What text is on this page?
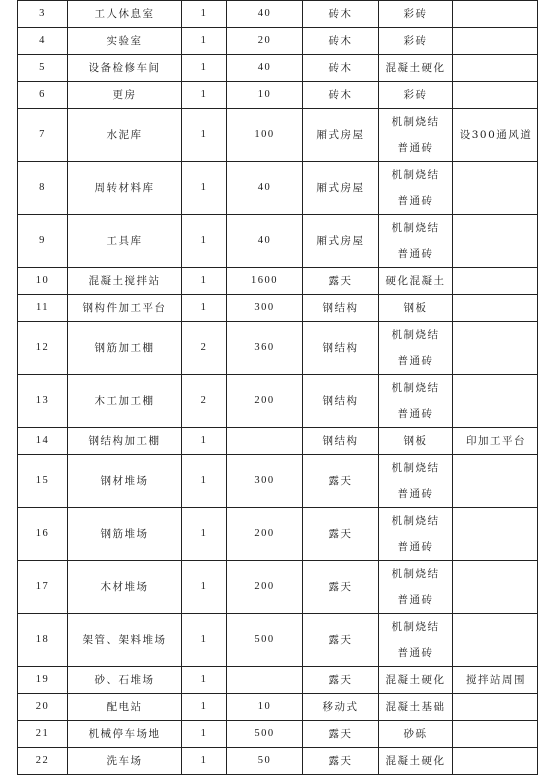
3	工人休息室	1	40	砖木	彩砖	
4	实验室	1	20	砖木	彩砖	
5	设备检修车间	1	40	砖木	混凝土硬化	
6	更房	1	10	砖木	彩砖	
7	水泥库	1	100	厢式房屋	机制烧结普通砖	设300通风道
8	周转材料库	1	40	厢式房屋	机制烧结普通砖	

9	工具库	1	40	厢式房屋	机制烧结普通砖	

10	混凝土搅拌站	1	1600	露天	硬化混凝土	
11	钢构件加工平台	1	300	钢结构	钢板	
12	钢筋加工棚	2	360	钢结构	机制烧结普通砖	

13	木工加工棚	2	200	钢结构	机制烧结普通砖	

14	钢结构加工棚	1		钢结构	钢板	印加工平台
15	钢材堆场	1	300	露天	机制烧结普通砖	

16	钢筋堆场	1	200	露天	机制烧结普通砖	

17	木材堆场	1	200	露天	机制烧结普通砖	

18	架管、架料堆场	1	500	露天	机制烧结普通砖	

19	砂、石堆场	1		露天	混凝土硬化	搅拌站周围
20	配电站	1	10	移动式	混凝土基础	
21	机械停车场地	1	500	露天	砂砾	
22	洗车场	1	50	露天	混凝土硬化	
